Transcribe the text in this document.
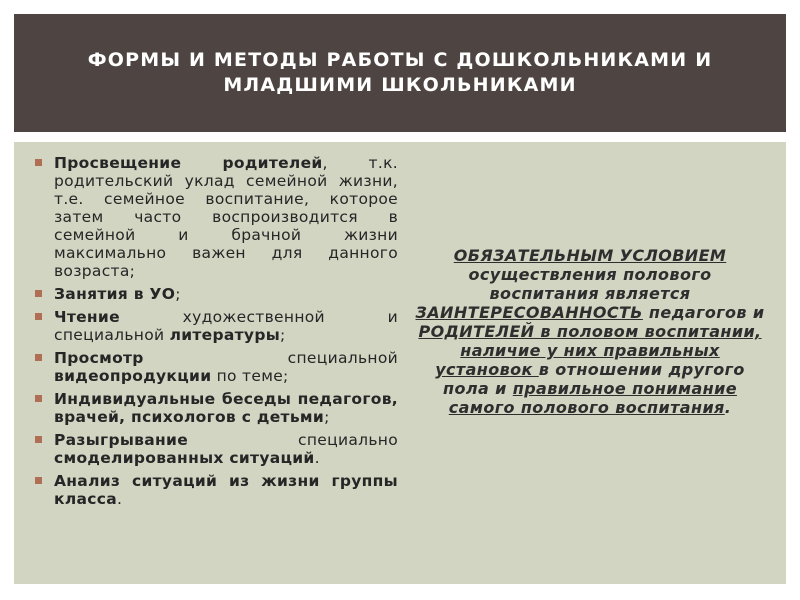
ФОРМЫ И МЕТОДЫ РАБОТЫ С ДОШКОЛЬНИКАМИ И МЛАДШИМИ ШКОЛЬНИКАМИ
Просвещение родителей, т.к. родительский уклад семейной жизни, т.е. семейное воспитание, которое затем часто воспроизводится в семейной и брачной жизни максимально важен для данного возраста;
Занятия в УО;
Чтение художественной и специальной литературы;
Просмотр специальной видеопродукции по теме;
Индивидуальные беседы педагогов, врачей, психологов с детьми;
Разыгрывание специально смоделированных ситуаций.
Анализ ситуаций из жизни группы класса.
ОБЯЗАТЕЛЬНЫМ УСЛОВИЕМ осуществления полового воспитания является ЗАИНТЕРЕСОВАННОСТЬ педагогов и РОДИТЕЛЕЙ в половом воспитании, наличие у них правильных установок в отношении другого пола и правильное понимание самого полового воспитания.
